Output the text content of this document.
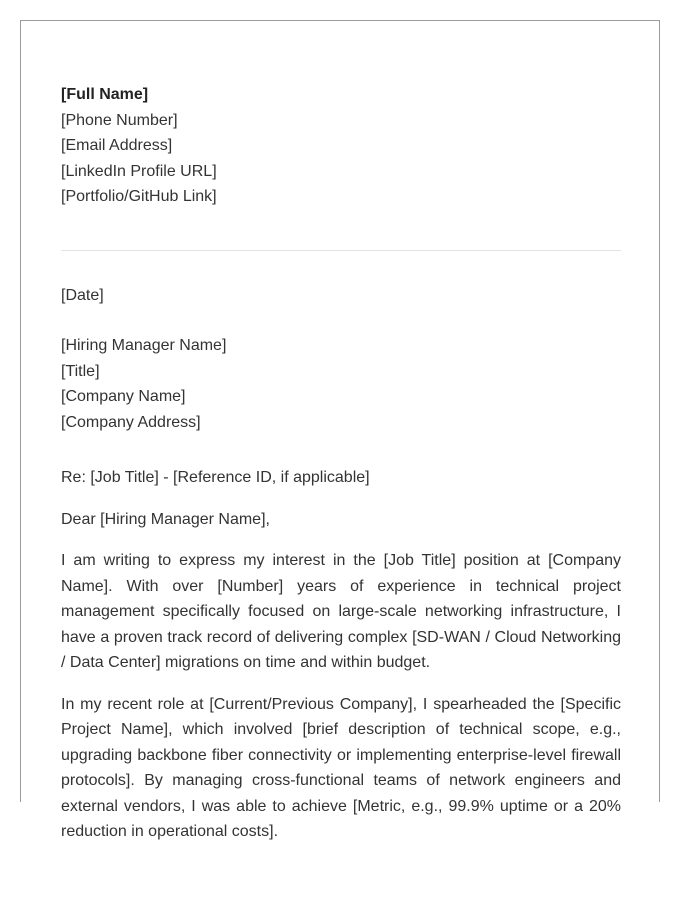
[Full Name]
[Phone Number]
[Email Address]
[LinkedIn Profile URL]
[Portfolio/GitHub Link]
[Date]
[Hiring Manager Name]
[Title]
[Company Name]
[Company Address]
Re: [Job Title] - [Reference ID, if applicable]
Dear [Hiring Manager Name],

I am writing to express my interest in the [Job Title] position at [Company Name]. With over [Number] years of experience in technical project management specifically focused on large-scale networking infrastructure, I have a proven track record of delivering complex [SD-WAN / Cloud Networking / Data Center] migrations on time and within budget.

In my recent role at [Current/Previous Company], I spearheaded the [Specific Project Name], which involved [brief description of technical scope, e.g., upgrading backbone fiber connectivity or implementing enterprise-level firewall protocols]. By managing cross-functional teams of network engineers and external vendors, I was able to achieve [Metric, e.g., 99.9% uptime or a 20% reduction in operational costs].
